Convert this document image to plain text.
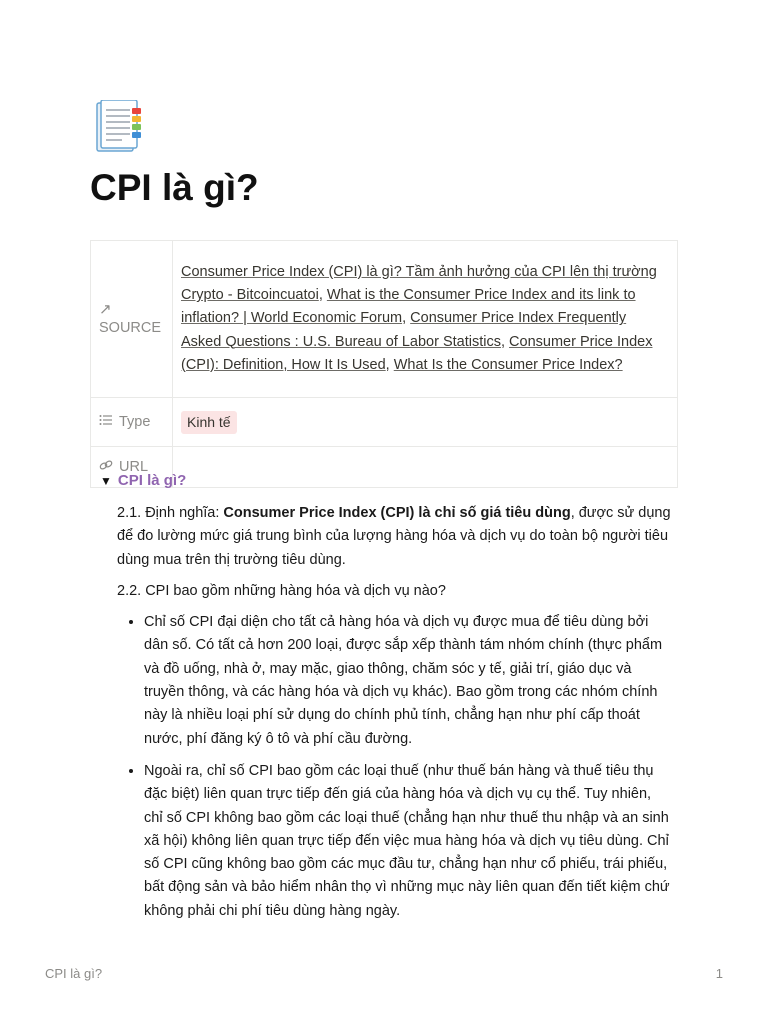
CPI là gì?
↗
SOURCE	Consumer Price Index (CPI) là gì? Tầm ảnh hưởng của CPI lên thị trường Crypto - Bitcoincuatoi, What is the Consumer Price Index and its link to inflation? | World Economic Forum, Consumer Price Index Frequently Asked Questions : U.S. Bureau of Labor Statistics, Consumer Price Index (CPI): Definition, How It Is Used, What Is the Consumer Price Index?

Type	Kinh tế

URL	

▼ CPI là gì?

2.1. Định nghĩa: Consumer Price Index (CPI) là chỉ số giá tiêu dùng, được sử dụng để đo lường mức giá trung bình của lượng hàng hóa và dịch vụ do toàn bộ người tiêu dùng mua trên thị trường tiêu dùng.

2.2. CPI bao gồm những hàng hóa và dịch vụ nào?

• Chỉ số CPI đại diện cho tất cả hàng hóa và dịch vụ được mua để tiêu dùng bởi dân số. Có tất cả hơn 200 loại, được sắp xếp thành tám nhóm chính (thực phẩm và đồ uống, nhà ở, may mặc, giao thông, chăm sóc y tế, giải trí, giáo dục và truyền thông, và các hàng hóa và dịch vụ khác). Bao gồm trong các nhóm chính này là nhiều loại phí sử dụng do chính phủ tính, chẳng hạn như phí cấp thoát nước, phí đăng ký ô tô và phí cầu đường.
• Ngoài ra, chỉ số CPI bao gồm các loại thuế (như thuế bán hàng và thuế tiêu thụ đặc biệt) liên quan trực tiếp đến giá của hàng hóa và dịch vụ cụ thể. Tuy nhiên, chỉ số CPI không bao gồm các loại thuế (chẳng hạn như thuế thu nhập và an sinh xã hội) không liên quan trực tiếp đến việc mua hàng hóa và dịch vụ tiêu dùng. Chỉ số CPI cũng không bao gồm các mục đầu tư, chẳng hạn như cổ phiếu, trái phiếu, bất động sản và bảo hiểm nhân thọ vì những mục này liên quan đến tiết kiệm chứ không phải chi phí tiêu dùng hàng ngày.
CPI là gì?	1
